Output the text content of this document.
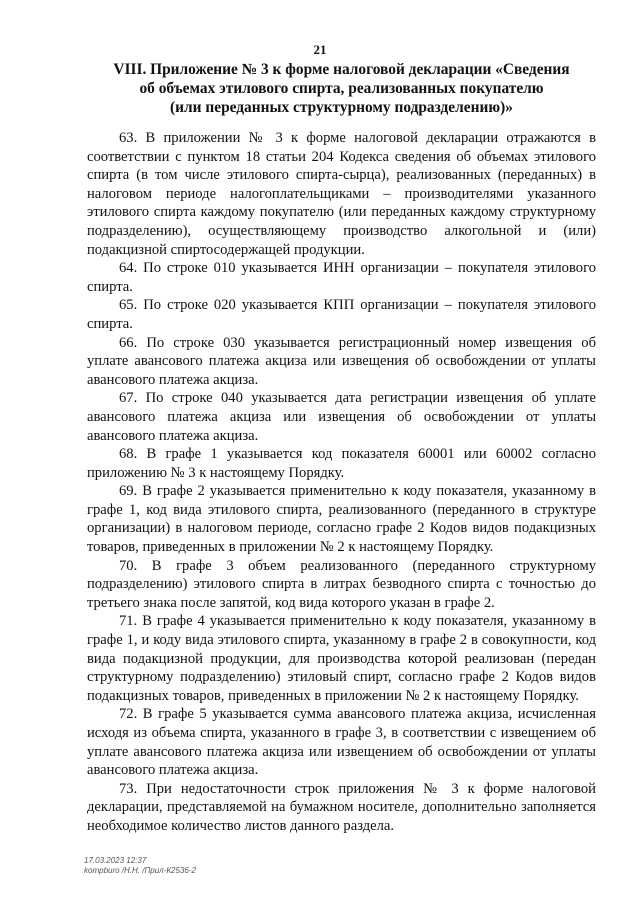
21
VIII. Приложение № 3 к форме налоговой декларации «Сведения
об объемах этилового спирта, реализованных покупателю
(или переданных структурному подразделению)»

63. В приложении № 3 к форме налоговой декларации отражаются в соответствии с пунктом 18 статьи 204 Кодекса сведения об объемах этилового спирта (в том числе этилового спирта-сырца), реализованных (переданных) в налоговом периоде налогоплательщиками – производителями указанного этилового спирта каждому покупателю (или переданных каждому структурному подразделению), осуществляющему производство алкогольной и (или) подакцизной спиртосодержащей продукции.

64. По строке 010 указывается ИНН организации – покупателя этилового спирта.

65. По строке 020 указывается КПП организации – покупателя этилового спирта.

66. По строке 030 указывается регистрационный номер извещения об уплате авансового платежа акциза или извещения об освобождении от уплаты авансового платежа акциза.

67. По строке 040 указывается дата регистрации извещения об уплате авансового платежа акциза или извещения об освобождении от уплаты авансового платежа акциза.

68. В графе 1 указывается код показателя 60001 или 60002 согласно приложению № 3 к настоящему Порядку.

69. В графе 2 указывается применительно к коду показателя, указанному в графе 1, код вида этилового спирта, реализованного (переданного в структуре организации) в налоговом периоде, согласно графе 2 Кодов видов подакцизных товаров, приведенных в приложении № 2 к настоящему Порядку.

70. В графе 3 объем реализованного (переданного структурному подразделению) этилового спирта в литрах безводного спирта с точностью до третьего знака после запятой, код вида которого указан в графе 2.

71. В графе 4 указывается применительно к коду показателя, указанному в графе 1, и коду вида этилового спирта, указанному в графе 2 в совокупности, код вида подакцизной продукции, для производства которой реализован (передан структурному подразделению) этиловый спирт, согласно графе 2 Кодов видов подакцизных товаров, приведенных в приложении № 2 к настоящему Порядку.

72. В графе 5 указывается сумма авансового платежа акциза, исчисленная исходя из объема спирта, указанного в графе 3, в соответствии с извещением об уплате авансового платежа акциза или извещением об освобождении от уплаты авансового платежа акциза.

73. При недостаточности строк приложения № 3 к форме налоговой декларации, представляемой на бумажном носителе, дополнительно заполняется необходимое количество листов данного раздела.

17.03.2023 12:37
kompburo /Н.Н. /Прил-К2536-2
